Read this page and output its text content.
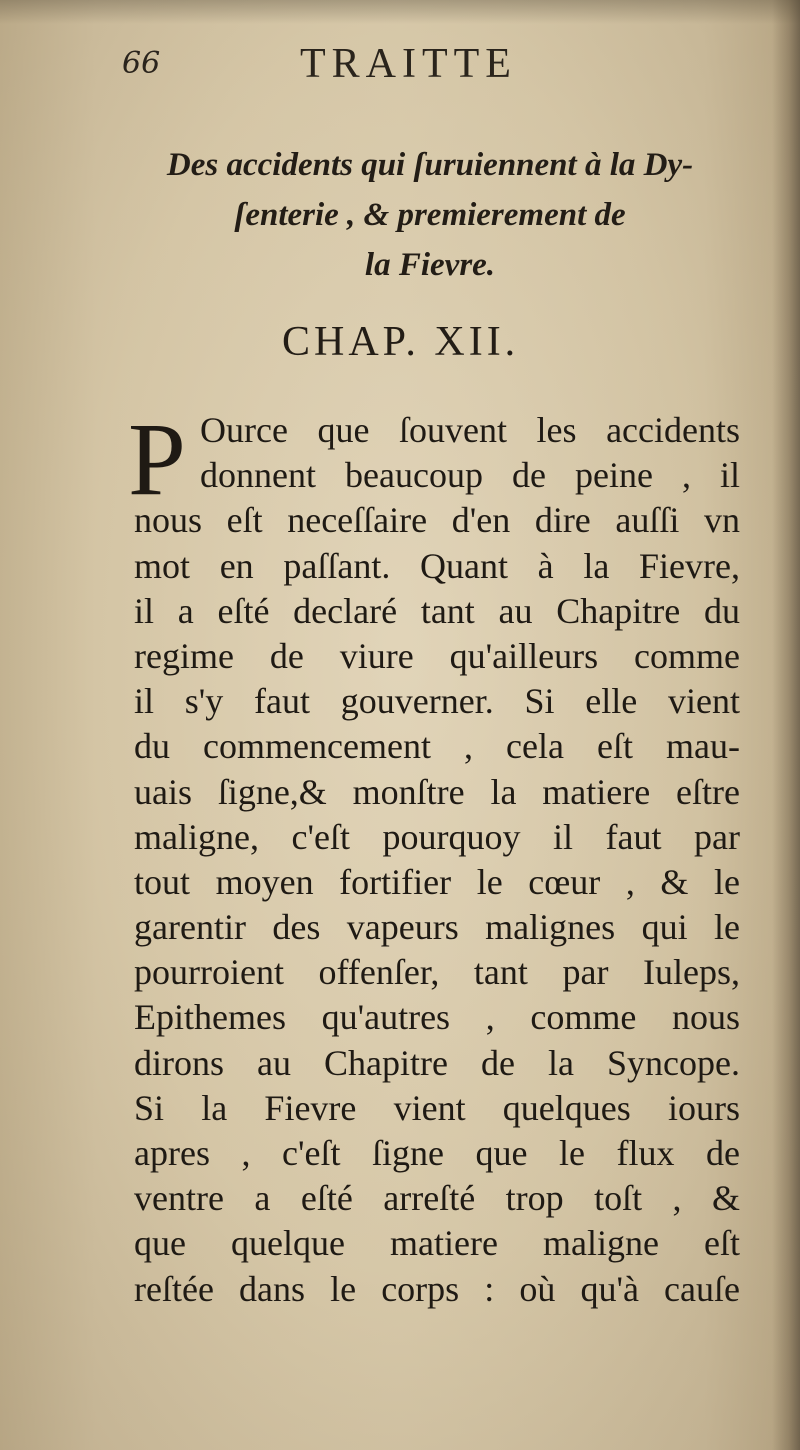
66	TRAITTE
Des accidents qui ſuruiennent à la Dy-
ſenterie , & premierement de
la Fievre.
CHAP. XII.
P Ource que ſouvent les accidents
donnent beaucoup de peine , il
nous eſt neceſſaire d'en dire auſſi vn
mot en paſſant. Quant à la Fievre,
il a eſté declaré tant au Chapitre du
regime de viure qu'ailleurs comme
il s'y faut gouverner. Si elle vient
du commencement , cela eſt mau-
uais ſigne,& monſtre la matiere eſtre
maligne, c'eſt pourquoy il faut par
tout moyen fortifier le cœur , & le
garentir des vapeurs malignes qui le
pourroient offenſer, tant par Iuleps,
Epithemes qu'autres , comme nous
dirons au Chapitre de la Syncope.
Si la Fievre vient quelques iours
apres , c'eſt ſigne que le flux de
ventre a eſté arreſté trop toſt , &
que quelque matiere maligne eſt
reſtée dans le corps : où qu'à cauſe
